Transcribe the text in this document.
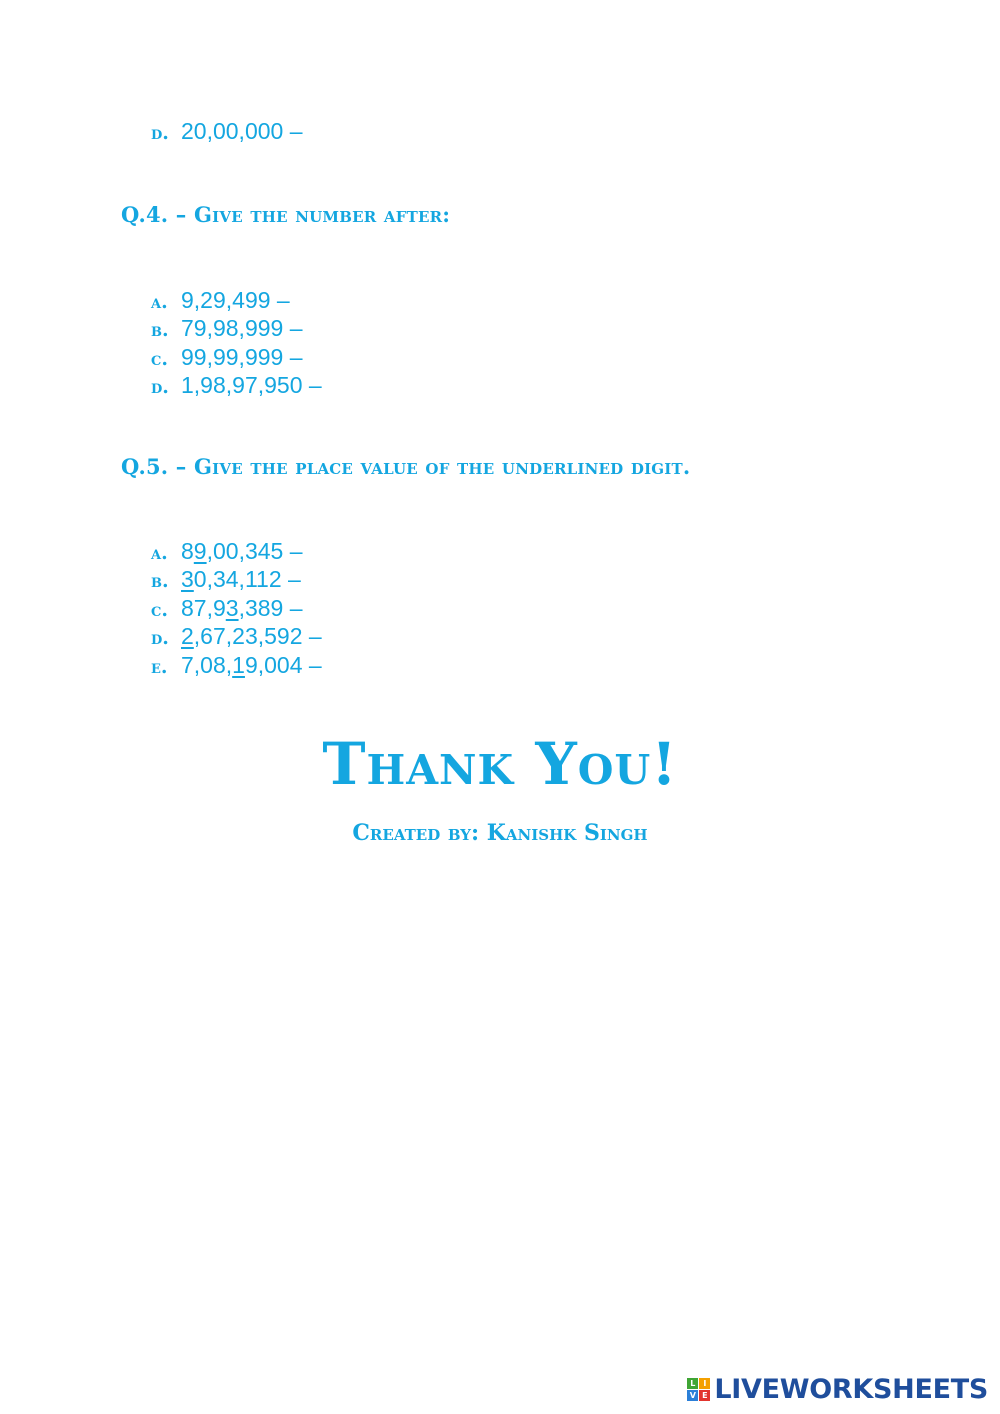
d. 20,00,000 –
Q.4. – Give the number after:
a. 9,29,499 –
b. 79,98,999 –
c. 99,99,999 –
d. 1,98,97,950 –
Q.5. – Give the place value of the underlined digit.
a. 89,00,345 –
b. 30,34,112 –
c. 87,93,389 –
d. 2,67,23,592 –
e. 7,08,19,004 –
Thank You!
Created by: Kanishk Singh
L I
V E LIVEWORKSHEETS
